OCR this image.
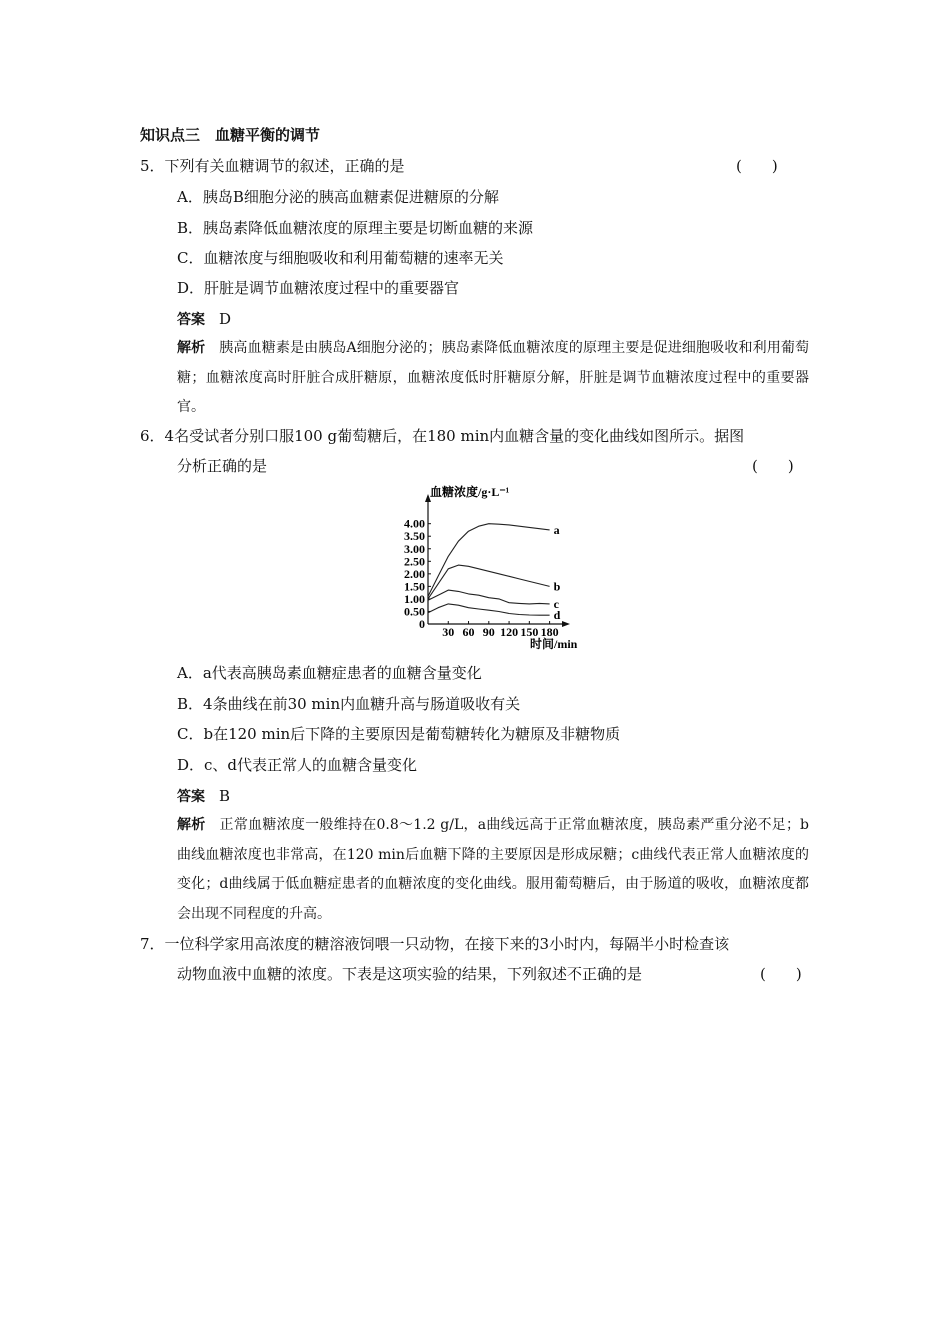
知识点三　血糖平衡的调节
5．下列有关血糖调节的叙述，正确的是	(　　)
A．胰岛B细胞分泌的胰高血糖素促进糖原的分解
B．胰岛素降低血糖浓度的原理主要是切断血糖的来源
C．血糖浓度与细胞吸收和利用葡萄糖的速率无关
D．肝脏是调节血糖浓度过程中的重要器官
答案 D
解析 胰高血糖素是由胰岛A细胞分泌的；胰岛素降低血糖浓度的原理主要是促进细胞吸收和利用葡萄糖；血糖浓度高时肝脏合成肝糖原，血糖浓度低时肝糖原分解，肝脏是调节血糖浓度过程中的重要器官。
6．4名受试者分别口服100 g葡萄糖后，在180 min内血糖含量的变化曲线如图所示。据图
分析正确的是	(　　)
血糖浓度/g·L⁻¹
时间/min
4.00
3.50
3.00
2.50
2.00
1.50
1.00
0.50
0
30 60 90 120 150 180
a
b
c
d
A．a代表高胰岛素血糖症患者的血糖含量变化
B．4条曲线在前30 min内血糖升高与肠道吸收有关
C．b在120 min后下降的主要原因是葡萄糖转化为糖原及非糖物质
D．c、d代表正常人的血糖含量变化
答案 B
解析 正常血糖浓度一般维持在0.8～1.2 g/L，a曲线远高于正常血糖浓度，胰岛素严重分泌不足；b曲线血糖浓度也非常高，在120 min后血糖下降的主要原因是形成尿糖；c曲线代表正常人血糖浓度的变化；d曲线属于低血糖症患者的血糖浓度的变化曲线。服用葡萄糖后，由于肠道的吸收，血糖浓度都会出现不同程度的升高。
7．一位科学家用高浓度的糖溶液饲喂一只动物，在接下来的3小时内，每隔半小时检查该
动物血液中血糖的浓度。下表是这项实验的结果，下列叙述不正确的是	(　　)
